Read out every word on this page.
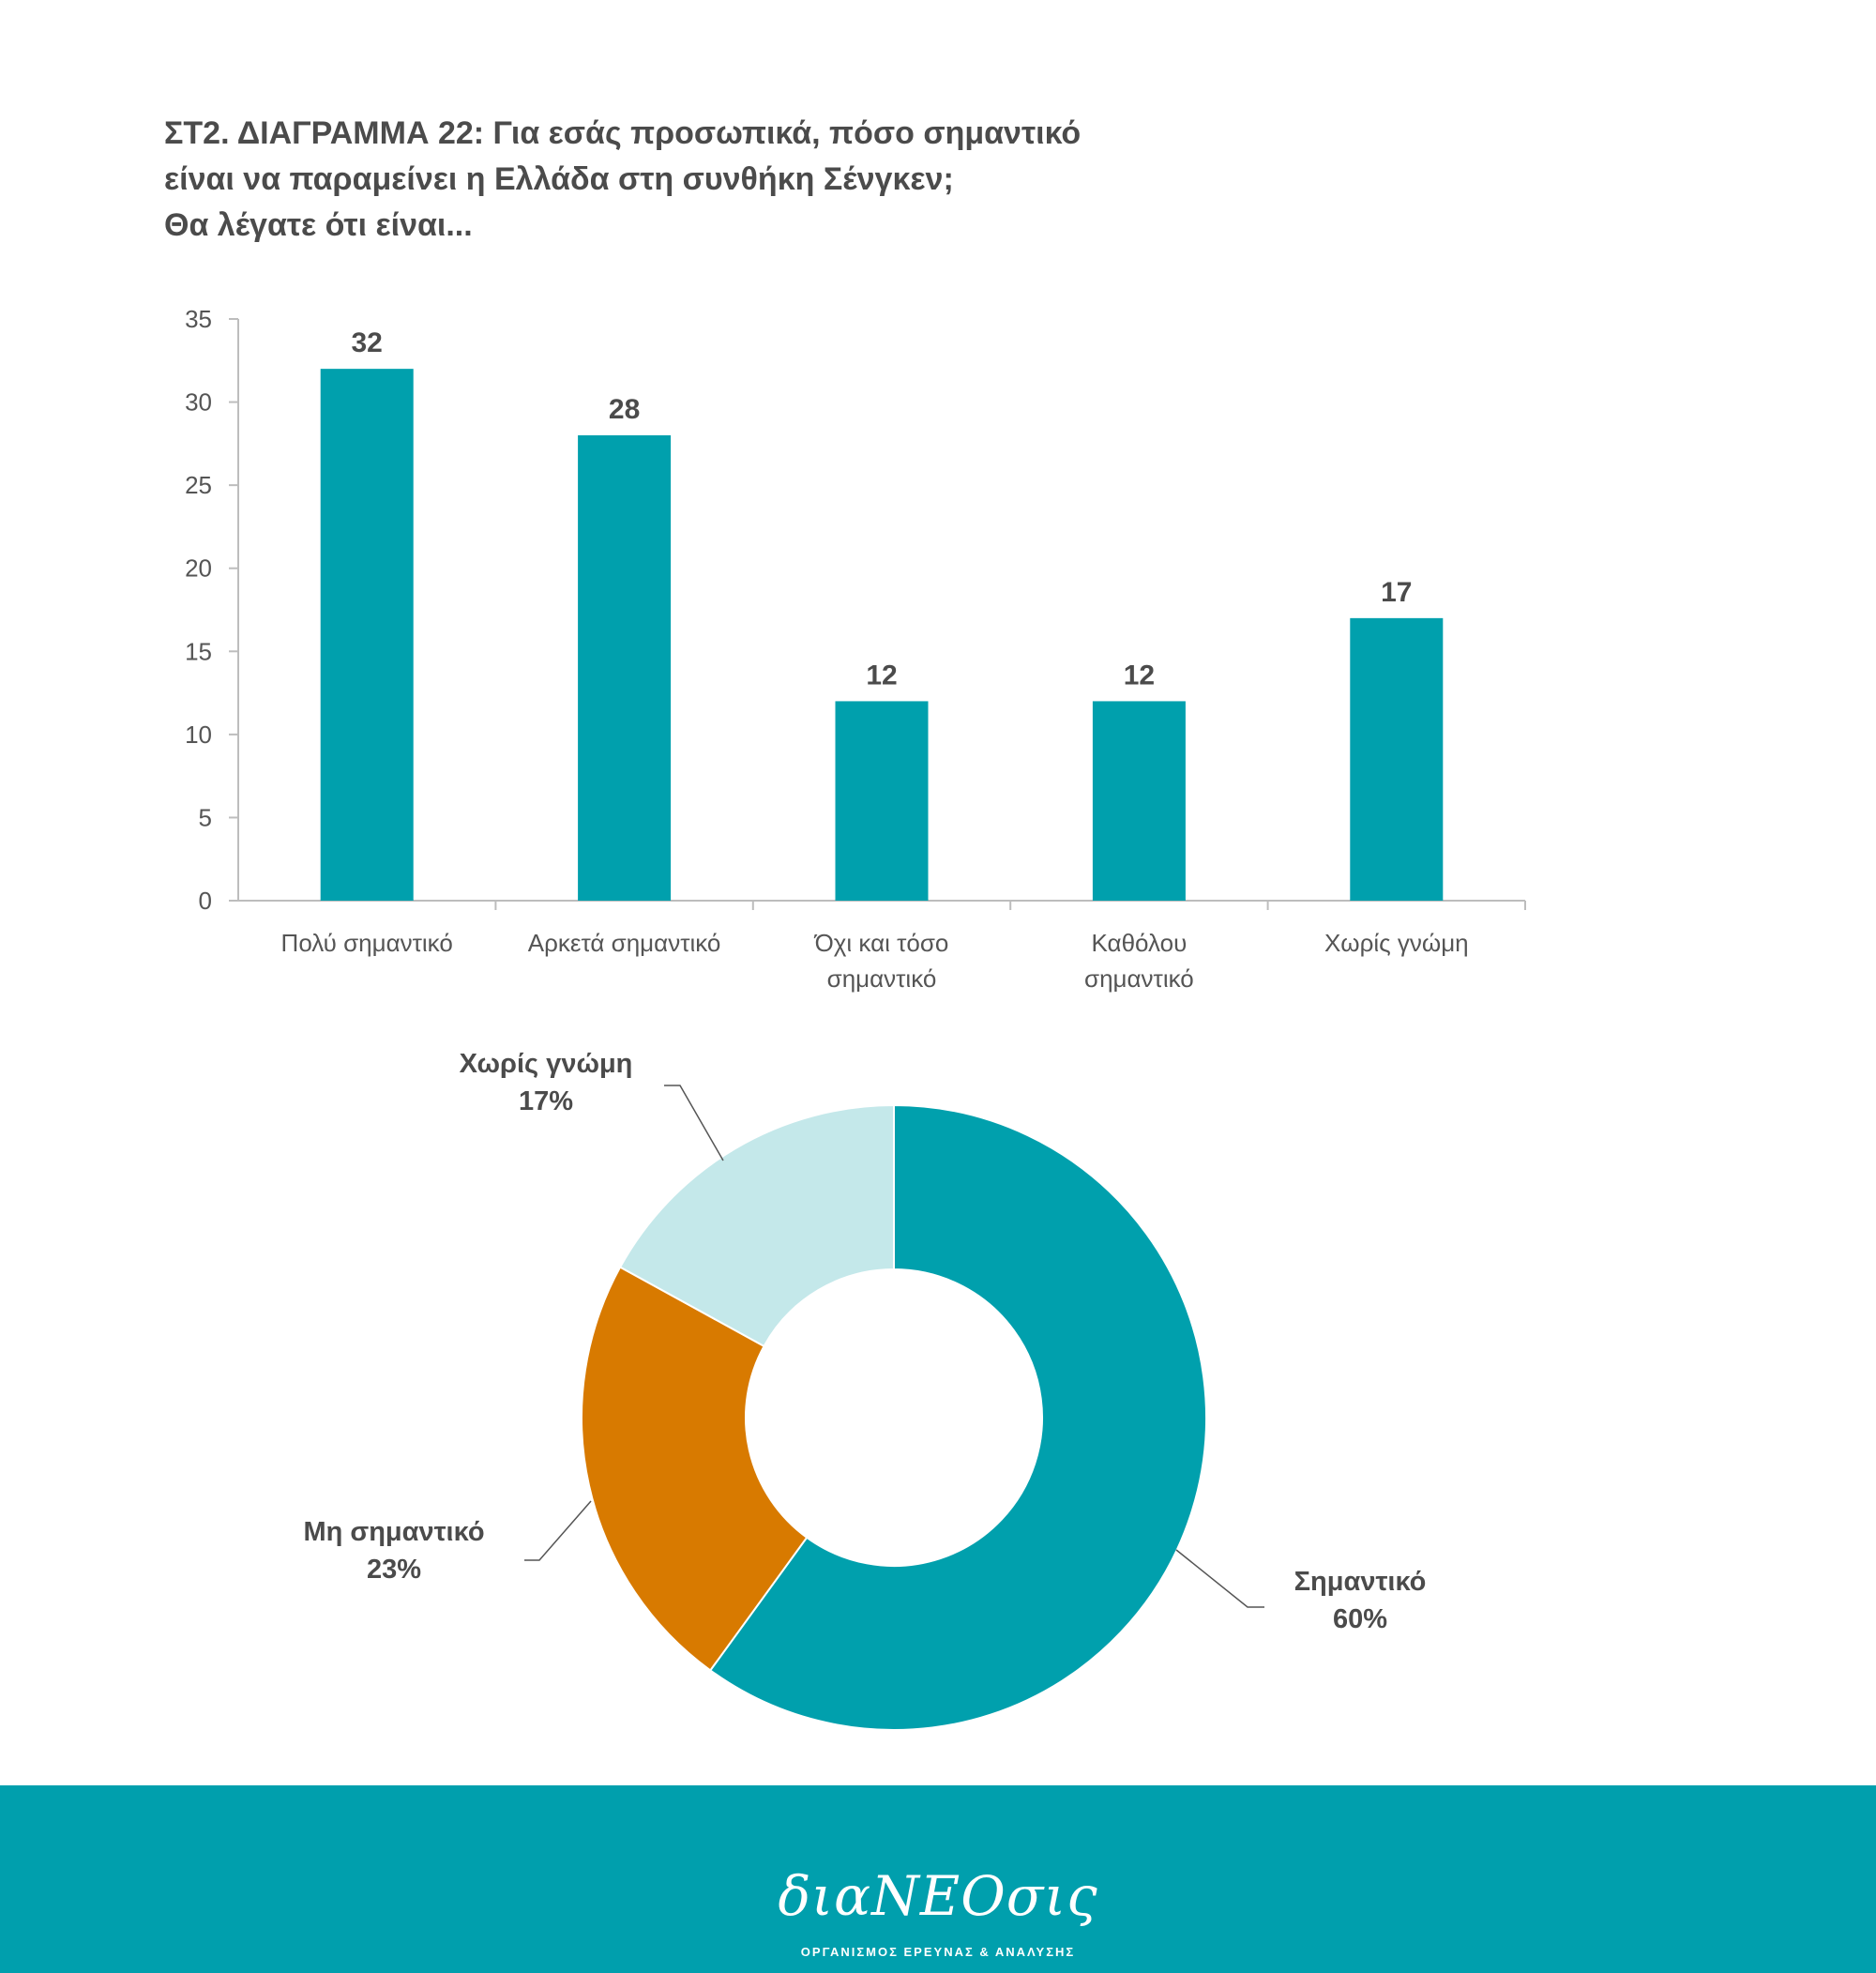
ΣΤ2. ΔΙΑΓΡΑΜΜΑ 22: Για εσάς προσωπικά, πόσο σημαντικό
είναι να παραμείνει η Ελλάδα στη συνθήκη Σένγκεν;
Θα λέγατε ότι είναι...
0
5
10
15
20
25
30
35
32
Πολύ σημαντικό
28
Αρκετά σημαντικό
12
Όχι και τόσο
σημαντικό
12
Καθόλου
σημαντικό
17
Χωρίς γνώμη
Σημαντικό
60%
Μη σημαντικό
23%
Χωρίς γνώμη
17%
διαΝΕΟσις
ΟΡΓΑΝΙΣΜΟΣ ΕΡΕΥΝΑΣ & ΑΝΑΛΥΣΗΣ
